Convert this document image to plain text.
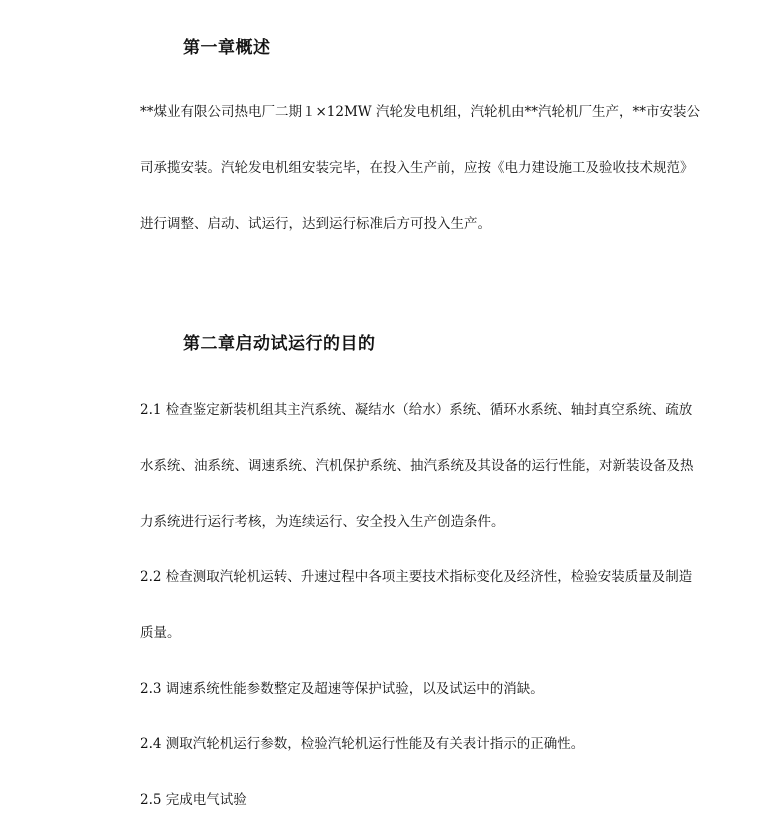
第一章概述

**煤业有限公司热电厂二期１×12MW 汽轮发电机组，汽轮机由**汽轮机厂生产，**市安装公

司承揽安装。汽轮发电机组安装完毕，在投入生产前，应按《电力建设施工及验收技术规范》

进行调整、启动、试运行，达到运行标准后方可投入生产。

第二章启动试运行的目的

2.1 检查鉴定新装机组其主汽系统、凝结水（给水）系统、循环水系统、轴封真空系统、疏放

水系统、油系统、调速系统、汽机保护系统、抽汽系统及其设备的运行性能，对新装设备及热

力系统进行运行考核，为连续运行、安全投入生产创造条件。

2.2 检查测取汽轮机运转、升速过程中各项主要技术指标变化及经济性，检验安装质量及制造

质量。

2.3 调速系统性能参数整定及超速等保护试验，以及试运中的消缺。

2.4 测取汽轮机运行参数，检验汽轮机运行性能及有关表计指示的正确性。

2.5 完成电气试验
